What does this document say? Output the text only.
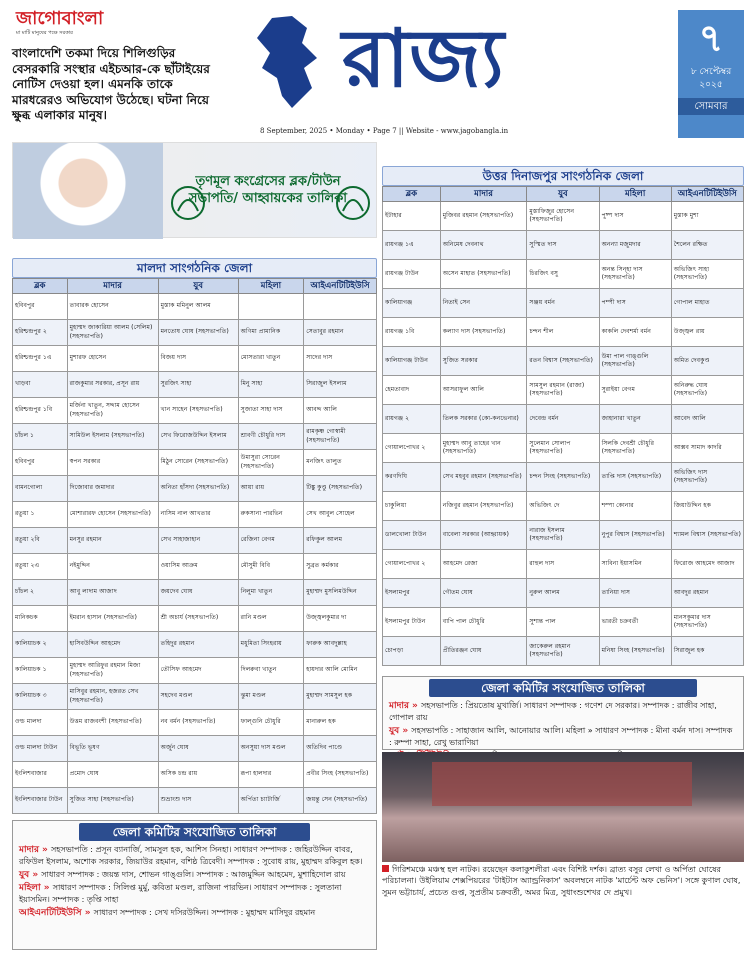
জাগোবাংলা
মা মাটি মানুষের পক্ষে সরকার
বাংলাদেশি তকমা দিয়ে শিলিগুড়ির বেসরকারি সংস্থার এইচআর-কে ছাঁটাইয়ের নোটিস দেওয়া হল। এমনকি তাকে মারধরেরও অভিযোগ উঠেছে। ঘটনা নিয়ে ক্ষুব্ধ এলাকার মানুষ।
রাজ্য
8 September, 2025 • Monday • Page 7 || Website - www.jagobangla.in
৭
৮ সেপ্টেম্বর ২০২৫
সোমবার
তৃণমূল কংগ্রেসের ব্লক/টাউন সভাপতি/ আহ্বায়কের তালিকা
মালদা সাংগঠনিক জেলা
ব্লক	মাদার	যুব	মহিলা	আইএনটিটিইউসি
হবিবপুর	তাবারক হোসেন	মুস্তাক মমিনুল আলম		
হরিশ্চন্দ্রপুর ২	মুহাম্মদ জাকারিয়া আলম (সেলিম) (সহসভাপতি)	মনতোষ ঘোষ (সহসভাপতি)	অণিমা প্রামানিক	সেতাবুর রহমান
হরিশ্চন্দ্রপুর ১এ	মুশারফ হোসেন	বিজয় দাস	মোসতারা খাতুন	সাদের দাস
খাড়বা	রাজকুমার সরকার, প্রসূন রায়	সুরজিৎ সাহা	মিনু সাহা	সিরাজুল ইসলাম
হরিশ্চন্দ্রপুর ১বি	মর্জিনা খাতুন, সদ্দাম হোসেন (সহসভাপতি)	খান সাহেন (সহসভাপতি)	সুজাতা সাহা দাস	আবদ্দ আলি
চাঁচল ১	সামিউল ইসলাম (সহসভাপতি)	সেখ ফিরোজউদ্দিন ইসলাম	শ্রাবণী চৌধুরি দাস	রামকৃষ্ণ গোস্বামী (সহসভাপতি)
হবিবপুর	স্বপন সরকার	মিঠুন সোরেন (সহসভাপতি)	উমাসুরা সোরেন (সহসভাপতি)	মনজিৎ তালুত
বামনগোলা	দিজোবার জমাদার	অনিতা হাঁসদা (সহসভাপতি)	আয়া রায়	টিঙ্কু কুণ্ডু (সহসভাপতি)
রতুয়া ১	মোশারারফ হোসেন (সহসভাপতি)	নাসিম নাল আখতার	রুকসানা পারভিন	সেখ আবুল সোহেল
রতুয়া ২বি	মনসুর রহমান	সেখ সাহাজাহান	রেজিনা বেগম	রফিকুল আলম
রতুয়া ২এ	নইমুদ্দিন	ওয়াসিম আক্রম	মৌসুমী বিবি	সুব্রত কর্মকার
চাঁচল ২	আবু লাদাম আজাদ	জয়দেব ঘোষ	নিলুমা খাতুন	মুহাম্মদ মুসলিমউদ্দিন
মানিকচক	ইমরান হাসান (সহসভাপতি)	শ্রী অচার্য (সহসভাপতি)	রানি মণ্ডল	উজ্জ্বলকুমার দা
কালিয়াচক ২	হাসিবউদ্দিন আহমেদ	তহিদুর রহমান	মধুমিতা সিংহরায়	ফারুক আবদুল্লাহ
কালিয়াচক ১	মুহাম্মদ আরিফুর রহমান মিজা (সহসভাপতি)	তৌসিফ আহমেদ	দিলরুবা খাতুন	হায়দার আলি মোমিন
কালিয়াচক ৩	মাসিবুর রহমান, হজরত সেখ (সহসভাপতি)	সহদেব মণ্ডল	ঝুমা মণ্ডল	মুহাম্মদ সামসুল হক
ওল্ড মালদা	উত্তম রাজবংশী (সহসভাপতি)	নব বর্মন (সহসভাপতি)	ফাল্গুনি চৌধুরি	মানারুল হক
ওল্ড মালদা টাউন	বিভূতি ভূষণ	অর্জুন ঘোষ	অনসুয়া দাস মণ্ডল	অতিদিব পাণ্ডে
ইংলিশবাজার	প্রমোদ ঘোষ	অসিক চন্দ্র রায়	রূপা হালদার	প্রবীর সিংহ (সহসভাপতি)
ইংলিশবাজার টাউন	সুজিত সাহা (সহসভাপতি)	শুভ্রাংশু দাস	অর্পিতা চ্যাটার্জি	জয়ন্তু সেন (সহসভাপতি)
উত্তর দিনাজপুর সাংগঠনিক জেলা
ব্লক	মাদার	যুব	মহিলা	আইএনটিটিইউসি
ইটাহার	মুজিবর রহমান (সহসভাপতি)	মুস্তাফিজুর হোসেন (সহসভাপতি)	পুষ্প দাস	মুস্তাক মুশা
রায়গঞ্জ ১এ	অনিমেষ দেবনাথ	সুস্মিত দাস	অনন্যা মজুমদার	শৈলেন রক্ষিত
রায়গঞ্জ টাউন	অসেন মাহাত (সহসভাপতি)	চিরজিৎ বসু	অনন্ত সিন্‌হা দাস (সহসভাপতি)	অভিজিৎ সাহা (সহসভাপতি)
কালিয়াগঞ্জ	নিতাই সেন	সঞ্জয় বর্মন	পম্পী দাস	গোপাল মাহাত
রায়গঞ্জ ১বি	কল্যাণ দাস (সহসভাপতি)	চন্দন শীল	কাকলি দেবশর্মা বর্মন	উজ্জ্বল রায়
কালিয়াগঞ্জ টাউন	সুজিত সরকার	রতন বিশ্বাস (সহসভাপতি)	উমা পাল গাঙ্গুলি (সহসভাপতি)	অমিত দেবকুণ্ড
হেমতাবাদ	আসরাফুল আলি	সামসুল রহমান (রাজা) (সহসভাপতি)	সুরাইয়া বেগম	অনিরুদ্ধ ঘোষ (সহসভাপতি)
রায়গঞ্জ ২	তিলক সরকার (কো-কনভেনার)	দেবেন্দ্র বর্মন	জাহানারা খাতুন	আবেদ আলি
গোয়ালপোখর ২	মুহাম্মদ আবু তাহের খান (সহসভাপতি)	সুলেমান সোলাপ (সহসভাপতি)	সিলকি দেবশ্রী চৌধুরি (সহসভাপতি)	আক্সব সামাদ কাদরি
করণদিঘি	সেখ মহবুব রহমান (সহসভাপতি)	চন্দন সিংহ (সহসভাপতি)	তাপ্তি দাস (সহসভাপতি)	অভিজিৎ দাস (সহসভাপতি)
চাকুলিয়া	নজিবুর রহমান (সহসভাপতি)	অভিজিৎ দে	শম্পা কোনার	জিয়াউদ্দিন হক
ডালখোলা টাউন	বাবেলা সরকার (আহ্বায়ক)	নারাজ ইসলাম (সহসভাপতি)	নুপুর বিশ্বাস (সহসভাপতি)	শ্যামল বিশ্বাস (সহসভাপতি)
গোয়ালপোখর ২	আহমেদ রেজা	রাহুল দাস	সাবিনা ইয়াসমিন	ফিরোজ আহমেদ আজাদ
ইসলামপুর	গৌতম ঘোষ	নুরুল আলম	তানিয়া দাস	আবদুর রহমান
ইসলামপুর টাউন	বাপি পাল চৌধুরি	সুশান্ত পাল	ভারতী চক্রবর্তী	মানসকুমার দাস (সহসভাপতি)
চোপড়া	প্রীতিরঞ্জন ঘোষ	জাকেরুল রহমান (সহসভাপতি)	মনিষা সিংহ (সহসভাপতি)	সিরাজুল হক
জেলা কমিটির সংযোজিত তালিকা
মাদার » সহসভাপতি : প্রিয়তোষ মুখার্জি। সাধারণ সম্পাদক : গণেশ দে সরকার। সম্পাদক : রাজীব সাহা, গোপাল রায়
যুব » সহসভাপতি : সাহাজান আলি, আনোয়ার আলি। মহিলা » সাধারণ সম্পাদক : মীনা বর্মন দাস। সম্পাদক : রুম্পা সাহা, রেখু ভারাণিয়া
গিরিশমঞ্চে মঞ্চস্থ হল নাটক। রয়েছেন কলাকুশলীরা এবং বিশিষ্ট দর্শক। ব্রাত্য বসুর লেখা ও অর্পিতা ঘোষের পরিচালনা। উইলিয়াম শেক্সপিয়রের 'টাইটাস অ্যান্ড্রনিকাস' অবলম্বনে নাটক 'মার্চেন্ট অফ ভেনিস'। সঙ্গে কুণাল ঘোষ, সুমন ভট্টাচার্য, প্রচেত গুপ্ত, সুপ্রতীম চক্রবর্তী, অমর মিত্র, সুধাংশুশেখর দে প্রমুখ।
জেলা কমিটির সংযোজিত তালিকা
মাদার » সহসভাপতি : প্রসূন ব্যানার্জি, সামসুল হক, আশিস সিনহা। সাধারণ সম্পাদক : জহিরউদ্দিন বাবর, রফিউল ইসলাম, অশোক সরকার, জিয়াউর রহমান, বশিষ্ঠ ত্রিবেদী। সম্পাদক : সুবোধ রায়, মুহাম্মদ রকিবুল হক।
যুব » সাধারণ সম্পাদক : জয়ন্ত দাস, শোভন গাঙ্গুলি। সম্পাদক : আজমুদ্দিন আহমেদ, মুশাহিদোল রায়
মহিলা » সাধারণ সম্পাদক : সিলিপ্ত মুর্মু, কবিতা মণ্ডল, রাজিনা পারভিন। সাধারণ সম্পাদক : সুলতানা ইয়াসমিন। সম্পাদক : তৃপ্তি সাহা
আইএনটিটিইউসি » সাধারণ সম্পাদক : সেখ দসিরউদ্দিন। সম্পাদক : মুহাম্মদ মাসিদুর রহমান
